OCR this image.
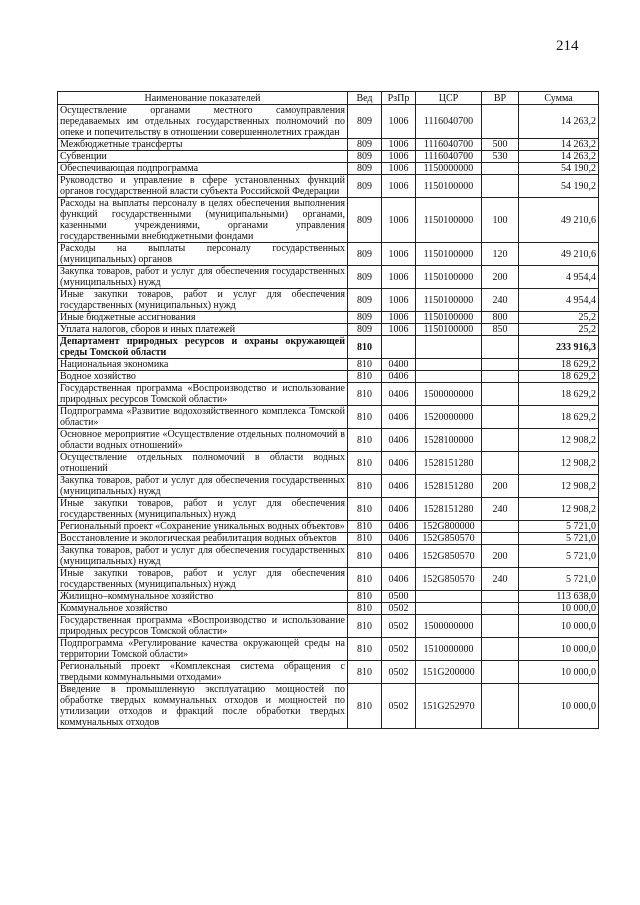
214
Наименование показателей	Вед	РзПр	ЦСР	ВР	Сумма
Осуществление органами местного самоуправления передаваемых им отдельных государственных полномочий по опеке и попечительству в отношении совершеннолетних граждан	809	1006	1116040700		14 263,2
Межбюджетные трансферты	809	1006	1116040700	500	14 263,2
Субвенции	809	1006	1116040700	530	14 263,2
Обеспечивающая подпрограмма	809	1006	1150000000		54 190,2
Руководство и управление в сфере установленных функций органов государственной власти субъекта Российской Федерации	809	1006	1150100000		54 190,2
Расходы на выплаты персоналу в целях обеспечения выполнения функций государственными (муниципальными) органами, казенными учреждениями, органами управления государственными внебюджетными фондами	809	1006	1150100000	100	49 210,6
Расходы на выплаты персоналу государственных (муниципальных) органов	809	1006	1150100000	120	49 210,6
Закупка товаров, работ и услуг для обеспечения государственных (муниципальных) нужд	809	1006	1150100000	200	4 954,4
Иные закупки товаров, работ и услуг для обеспечения государственных (муниципальных) нужд	809	1006	1150100000	240	4 954,4
Иные бюджетные ассигнования	809	1006	1150100000	800	25,2
Уплата налогов, сборов и иных платежей	809	1006	1150100000	850	25,2
Департамент природных ресурсов и охраны окружающей среды Томской области	810				233 916,3
Национальная экономика	810	0400			18 629,2
Водное хозяйство	810	0406			18 629,2
Государственная программа «Воспроизводство и использование природных ресурсов Томской области»	810	0406	1500000000		18 629,2
Подпрограмма «Развитие водохозяйственного комплекса Томской области»	810	0406	1520000000		18 629,2
Основное мероприятие «Осуществление отдельных полномочий в области водных отношений»	810	0406	1528100000		12 908,2
Осуществление отдельных полномочий в области водных отношений	810	0406	1528151280		12 908,2
Закупка товаров, работ и услуг для обеспечения государственных (муниципальных) нужд	810	0406	1528151280	200	12 908,2
Иные закупки товаров, работ и услуг для обеспечения государственных (муниципальных) нужд	810	0406	1528151280	240	12 908,2
Региональный проект «Сохранение уникальных водных объектов»	810	0406	152G800000		5 721,0
Восстановление и экологическая реабилитация водных объектов	810	0406	152G850570		5 721,0
Закупка товаров, работ и услуг для обеспечения государственных (муниципальных) нужд	810	0406	152G850570	200	5 721,0
Иные закупки товаров, работ и услуг для обеспечения государственных (муниципальных) нужд	810	0406	152G850570	240	5 721,0
Жилищно–коммунальное хозяйство	810	0500			113 638,0
Коммунальное хозяйство	810	0502			10 000,0
Государственная программа «Воспроизводство и использование природных ресурсов Томской области»	810	0502	1500000000		10 000,0
Подпрограмма «Регулирование качества окружающей среды на территории Томской области»	810	0502	1510000000		10 000,0
Региональный проект «Комплексная система обращения с твердыми коммунальными отходами»	810	0502	151G200000		10 000,0
Введение в промышленную эксплуатацию мощностей по обработке твердых коммунальных отходов и мощностей по утилизации отходов и фракций после обработки твердых коммунальных отходов	810	0502	151G252970		10 000,0
